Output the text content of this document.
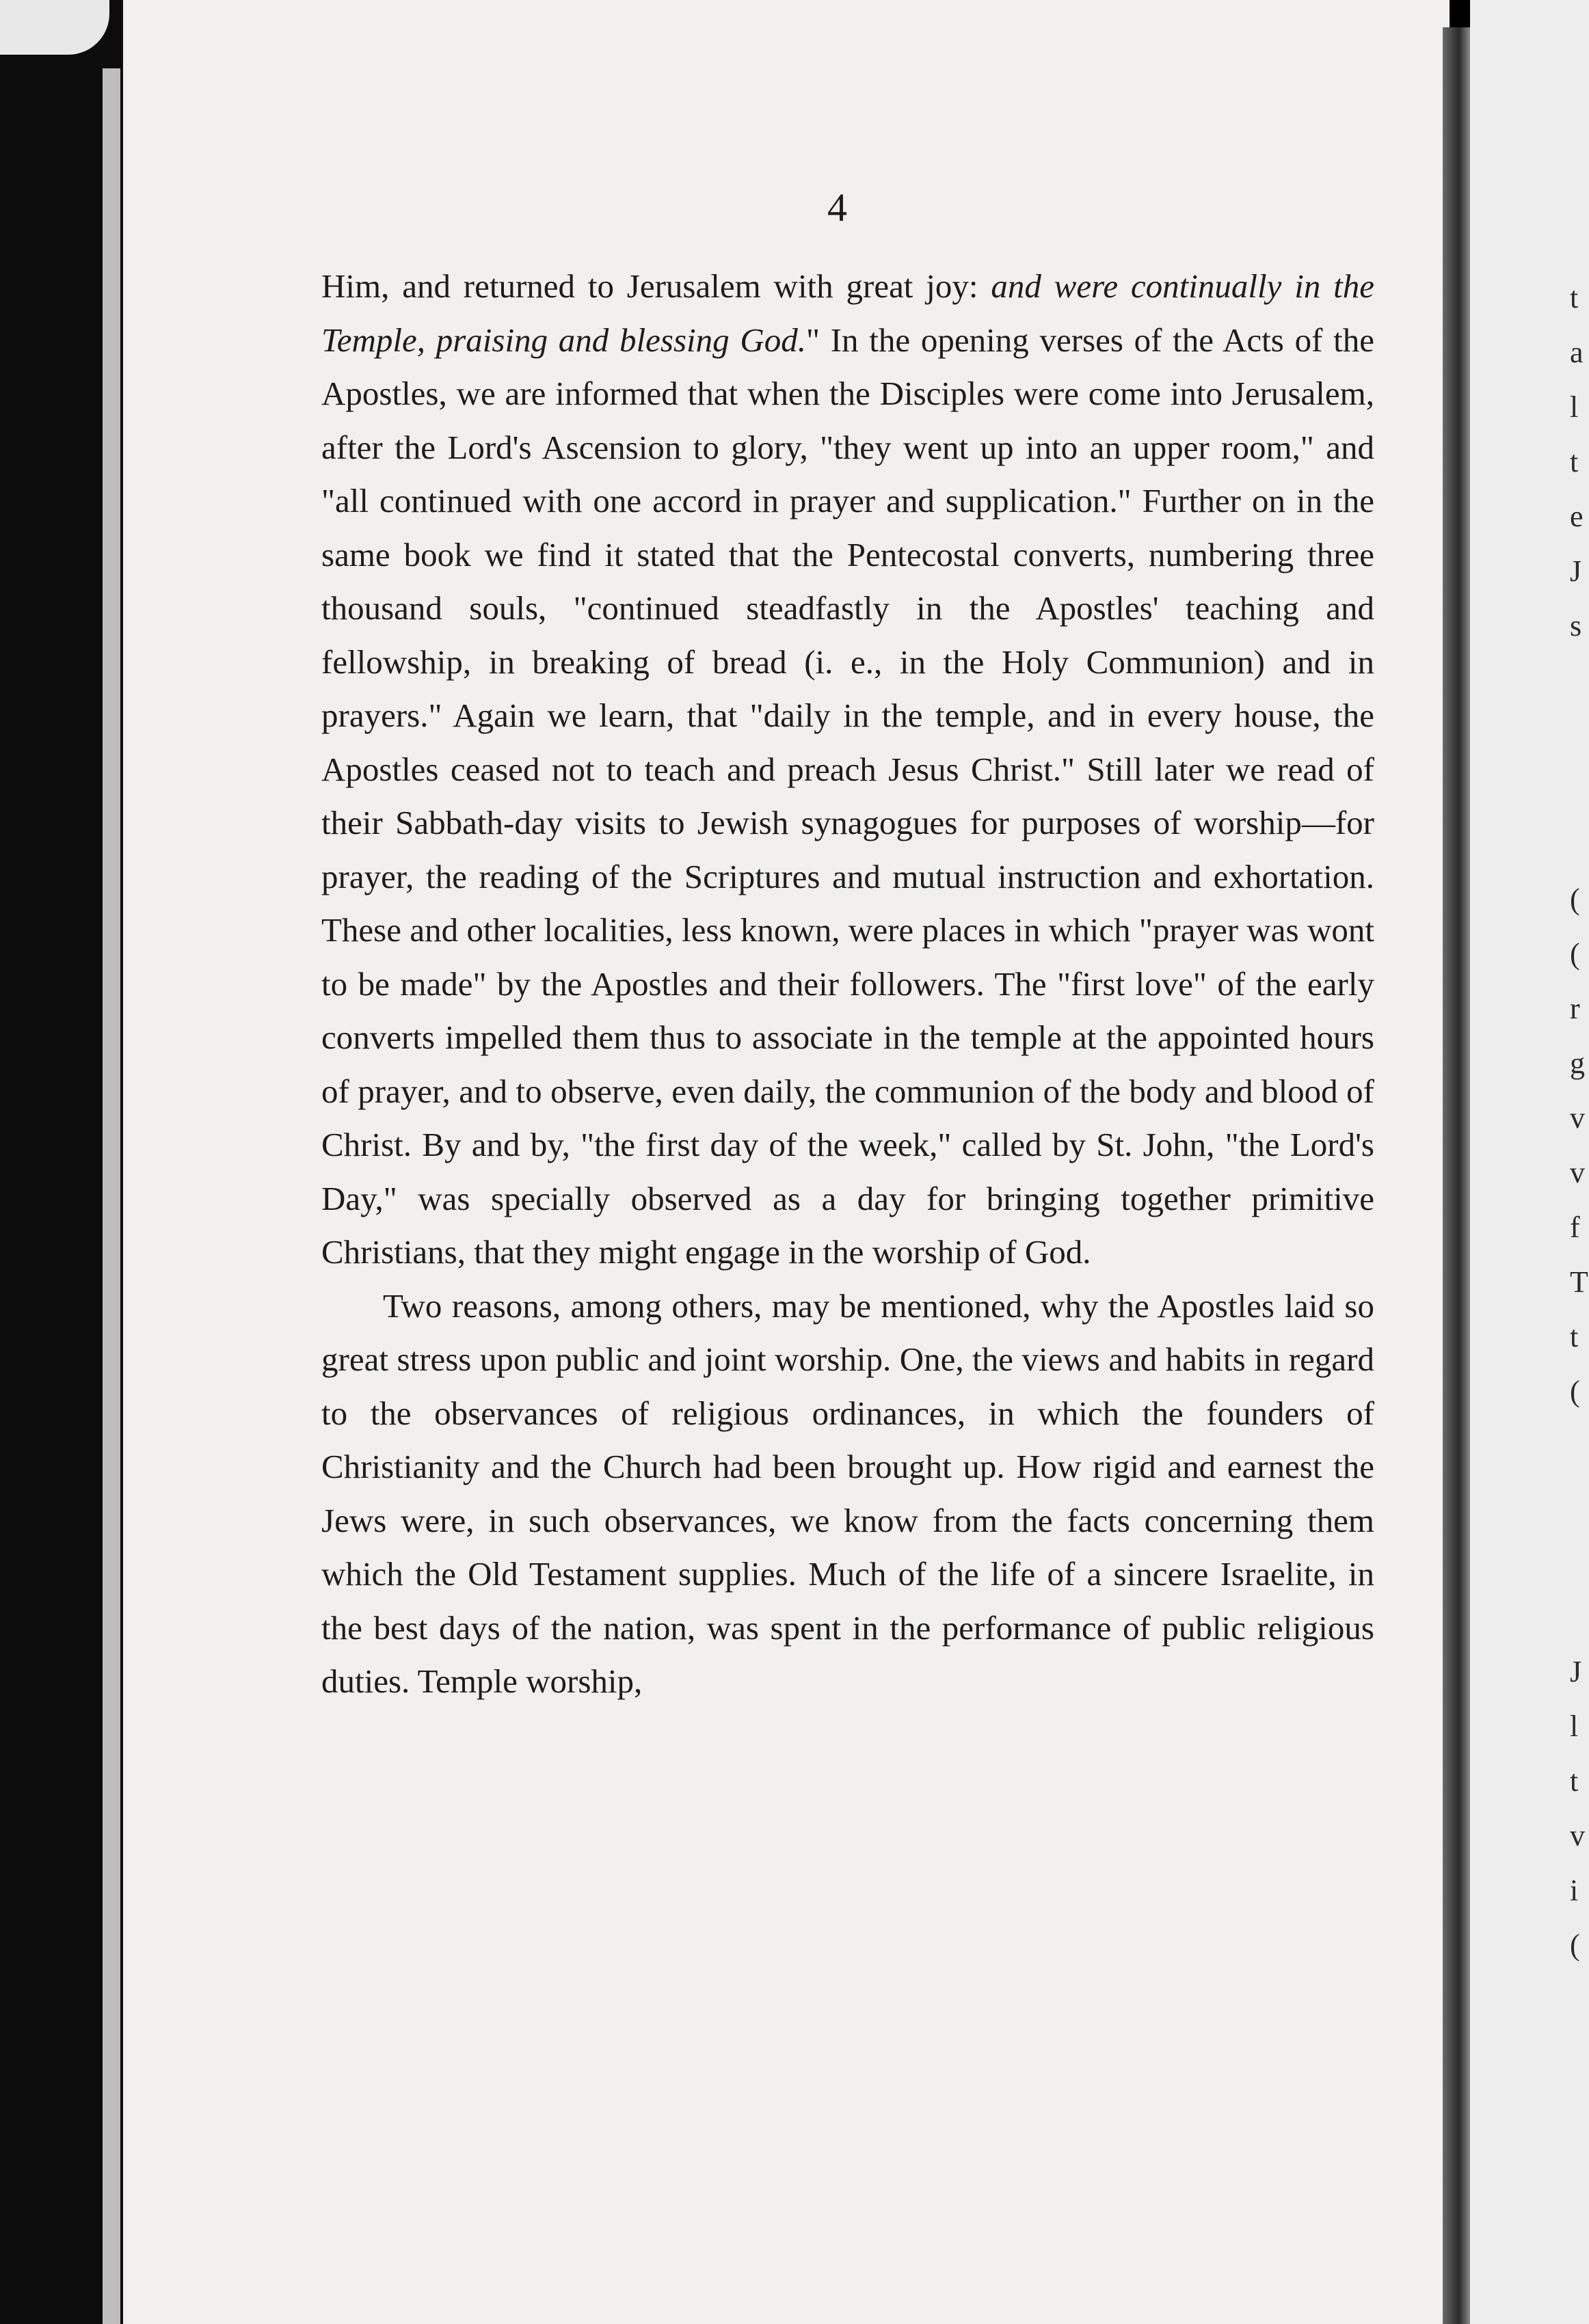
4

Him, and returned to Jerusalem with great joy: and were continually in the Temple, praising and blessing God." In the opening verses of the Acts of the Apostles, we are informed that when the Disciples were come into Jerusalem, after the Lord's Ascension to glory, "they went up into an upper room," and "all continued with one accord in prayer and supplication." Further on in the same book we find it stated that the Pentecostal converts, numbering three thousand souls, "continued steadfastly in the Apostles' teaching and fellowship, in breaking of bread (i. e., in the Holy Communion) and in prayers." Again we learn, that "daily in the temple, and in every house, the Apostles ceased not to teach and preach Jesus Christ." Still later we read of their Sabbath-day visits to Jewish synagogues for purposes of worship—for prayer, the reading of the Scriptures and mutual instruction and exhortation. These and other localities, less known, were places in which "prayer was wont to be made" by the Apostles and their followers. The "first love" of the early converts impelled them thus to associate in the temple at the appointed hours of prayer, and to observe, even daily, the communion of the body and blood of Christ. By and by, "the first day of the week," called by St. John, "the Lord's Day," was specially observed as a day for bringing together primitive Christians, that they might engage in the worship of God.

Two reasons, among others, may be mentioned, why the Apostles laid so great stress upon public and joint worship. One, the views and habits in regard to the observances of religious ordinances, in which the founders of Christianity and the Church had been brought up. How rigid and earnest the Jews were, in such observances, we know from the facts concerning them which the Old Testament supplies. Much of the life of a sincere Israelite, in the best days of the nation, was spent in the performance of public religious duties. Temple worship,

t
a
l
t
e
J
s
(
(
r
g
v
v
f
T
t
(
J
l
t
v
i
(
